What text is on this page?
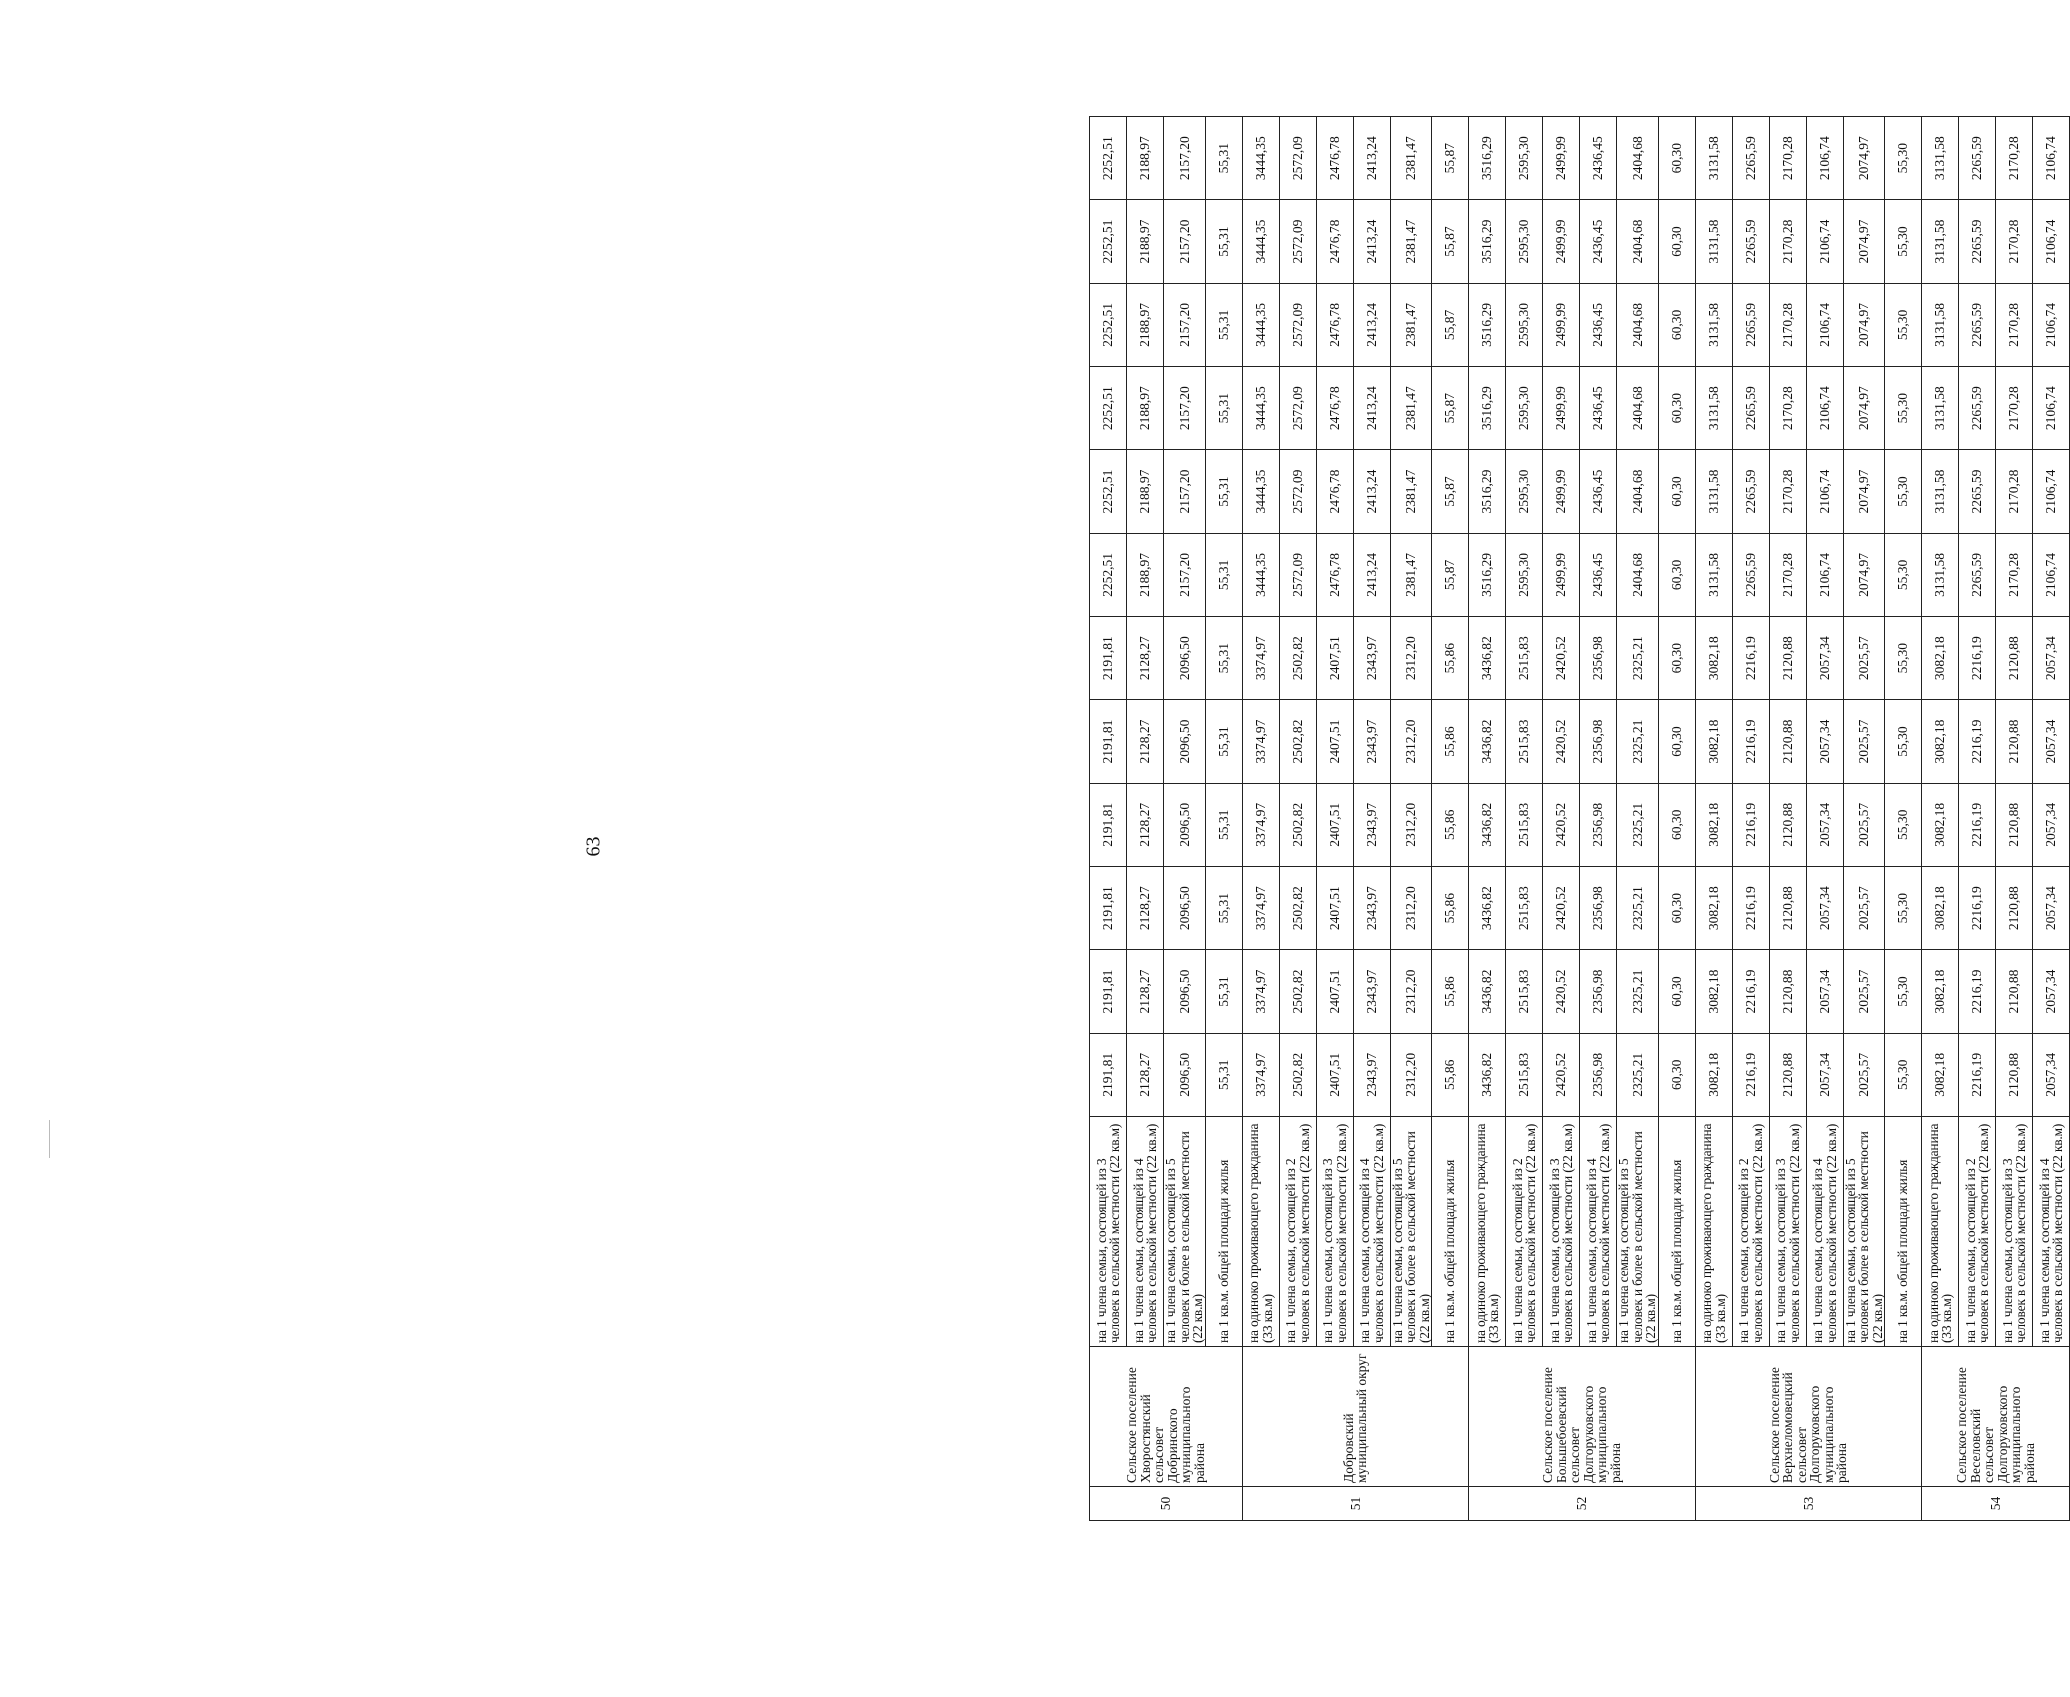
50	Сельское поселение Хворостянский сельсовет Добринского муниципального района	на 1 члена семьи, состоящей из 3 человек в сельской местности (22 кв.м)	2191,81	2191,81	2191,81	2191,81	2191,81	2191,81	2252,51	2252,51	2252,51	2252,51	2252,51	2252,51
		на 1 члена семьи, состоящей из 4 человек в сельской местности (22 кв.м)	2128,27	2128,27	2128,27	2128,27	2128,27	2128,27	2188,97	2188,97	2188,97	2188,97	2188,97	2188,97
		на 1 члена семьи, состоящей из 5 человек и более в сельской местности (22 кв.м)	2096,50	2096,50	2096,50	2096,50	2096,50	2096,50	2157,20	2157,20	2157,20	2157,20	2157,20	2157,20
		на 1 кв.м. общей площади жилья	55,31	55,31	55,31	55,31	55,31	55,31	55,31	55,31	55,31	55,31	55,31	55,31
51	Добровский муниципальный округ	на одиноко проживающего гражданина (33 кв.м)	3374,97	3374,97	3374,97	3374,97	3374,97	3374,97	3444,35	3444,35	3444,35	3444,35	3444,35	3444,35
		на 1 члена семьи, состоящей из 2 человек в сельской местности (22 кв.м)	2502,82	2502,82	2502,82	2502,82	2502,82	2502,82	2572,09	2572,09	2572,09	2572,09	2572,09	2572,09
		на 1 члена семьи, состоящей из 3 человек в сельской местности (22 кв.м)	2407,51	2407,51	2407,51	2407,51	2407,51	2407,51	2476,78	2476,78	2476,78	2476,78	2476,78	2476,78
		на 1 члена семьи, состоящей из 4 человек в сельской местности (22 кв.м)	2343,97	2343,97	2343,97	2343,97	2343,97	2343,97	2413,24	2413,24	2413,24	2413,24	2413,24	2413,24
		на 1 члена семьи, состоящей из 5 человек и более в сельской местности (22 кв.м)	2312,20	2312,20	2312,20	2312,20	2312,20	2312,20	2381,47	2381,47	2381,47	2381,47	2381,47	2381,47
		на 1 кв.м. общей площади жилья	55,86	55,86	55,86	55,86	55,86	55,86	55,87	55,87	55,87	55,87	55,87	55,87
52	Сельское поселение Большебоевский сельсовет Долгоруковского муниципального района	на одиноко проживающего гражданина (33 кв.м)	3436,82	3436,82	3436,82	3436,82	3436,82	3436,82	3516,29	3516,29	3516,29	3516,29	3516,29	3516,29
		на 1 члена семьи, состоящей из 2 человек в сельской местности (22 кв.м)	2515,83	2515,83	2515,83	2515,83	2515,83	2515,83	2595,30	2595,30	2595,30	2595,30	2595,30	2595,30
		на 1 члена семьи, состоящей из 3 человек в сельской местности (22 кв.м)	2420,52	2420,52	2420,52	2420,52	2420,52	2420,52	2499,99	2499,99	2499,99	2499,99	2499,99	2499,99
		на 1 члена семьи, состоящей из 4 человек в сельской местности (22 кв.м)	2356,98	2356,98	2356,98	2356,98	2356,98	2356,98	2436,45	2436,45	2436,45	2436,45	2436,45	2436,45
		на 1 члена семьи, состоящей из 5 человек и более в сельской местности (22 кв.м)	2325,21	2325,21	2325,21	2325,21	2325,21	2325,21	2404,68	2404,68	2404,68	2404,68	2404,68	2404,68
		на 1 кв.м. общей площади жилья	60,30	60,30	60,30	60,30	60,30	60,30	60,30	60,30	60,30	60,30	60,30	60,30
53	Сельское поселение Верхнеломовецкий сельсовет Долгоруковского муниципального района	на одиноко проживающего гражданина (33 кв.м)	3082,18	3082,18	3082,18	3082,18	3082,18	3082,18	3131,58	3131,58	3131,58	3131,58	3131,58	3131,58
		на 1 члена семьи, состоящей из 2 человек в сельской местности (22 кв.м)	2216,19	2216,19	2216,19	2216,19	2216,19	2216,19	2265,59	2265,59	2265,59	2265,59	2265,59	2265,59
		на 1 члена семьи, состоящей из 3 человек в сельской местности (22 кв.м)	2120,88	2120,88	2120,88	2120,88	2120,88	2120,88	2170,28	2170,28	2170,28	2170,28	2170,28	2170,28
		на 1 члена семьи, состоящей из 4 человек в сельской местности (22 кв.м)	2057,34	2057,34	2057,34	2057,34	2057,34	2057,34	2106,74	2106,74	2106,74	2106,74	2106,74	2106,74
		на 1 члена семьи, состоящей из 5 человек и более в сельской местности (22 кв.м)	2025,57	2025,57	2025,57	2025,57	2025,57	2025,57	2074,97	2074,97	2074,97	2074,97	2074,97	2074,97
		на 1 кв.м. общей площади жилья	55,30	55,30	55,30	55,30	55,30	55,30	55,30	55,30	55,30	55,30	55,30	55,30
54	Сельское поселение Веселовский сельсовет Долгоруковского муниципального района	на одиноко проживающего гражданина (33 кв.м)	3082,18	3082,18	3082,18	3082,18	3082,18	3082,18	3131,58	3131,58	3131,58	3131,58	3131,58	3131,58
		на 1 члена семьи, состоящей из 2 человек в сельской местности (22 кв.м)	2216,19	2216,19	2216,19	2216,19	2216,19	2216,19	2265,59	2265,59	2265,59	2265,59	2265,59	2265,59
		на 1 члена семьи, состоящей из 3 человек в сельской местности (22 кв.м)	2120,88	2120,88	2120,88	2120,88	2120,88	2120,88	2170,28	2170,28	2170,28	2170,28	2170,28	2170,28
		на 1 члена семьи, состоящей из 4 человек в сельской местности (22 кв.м)	2057,34	2057,34	2057,34	2057,34	2057,34	2057,34	2106,74	2106,74	2106,74	2106,74	2106,74	2106,74
63
